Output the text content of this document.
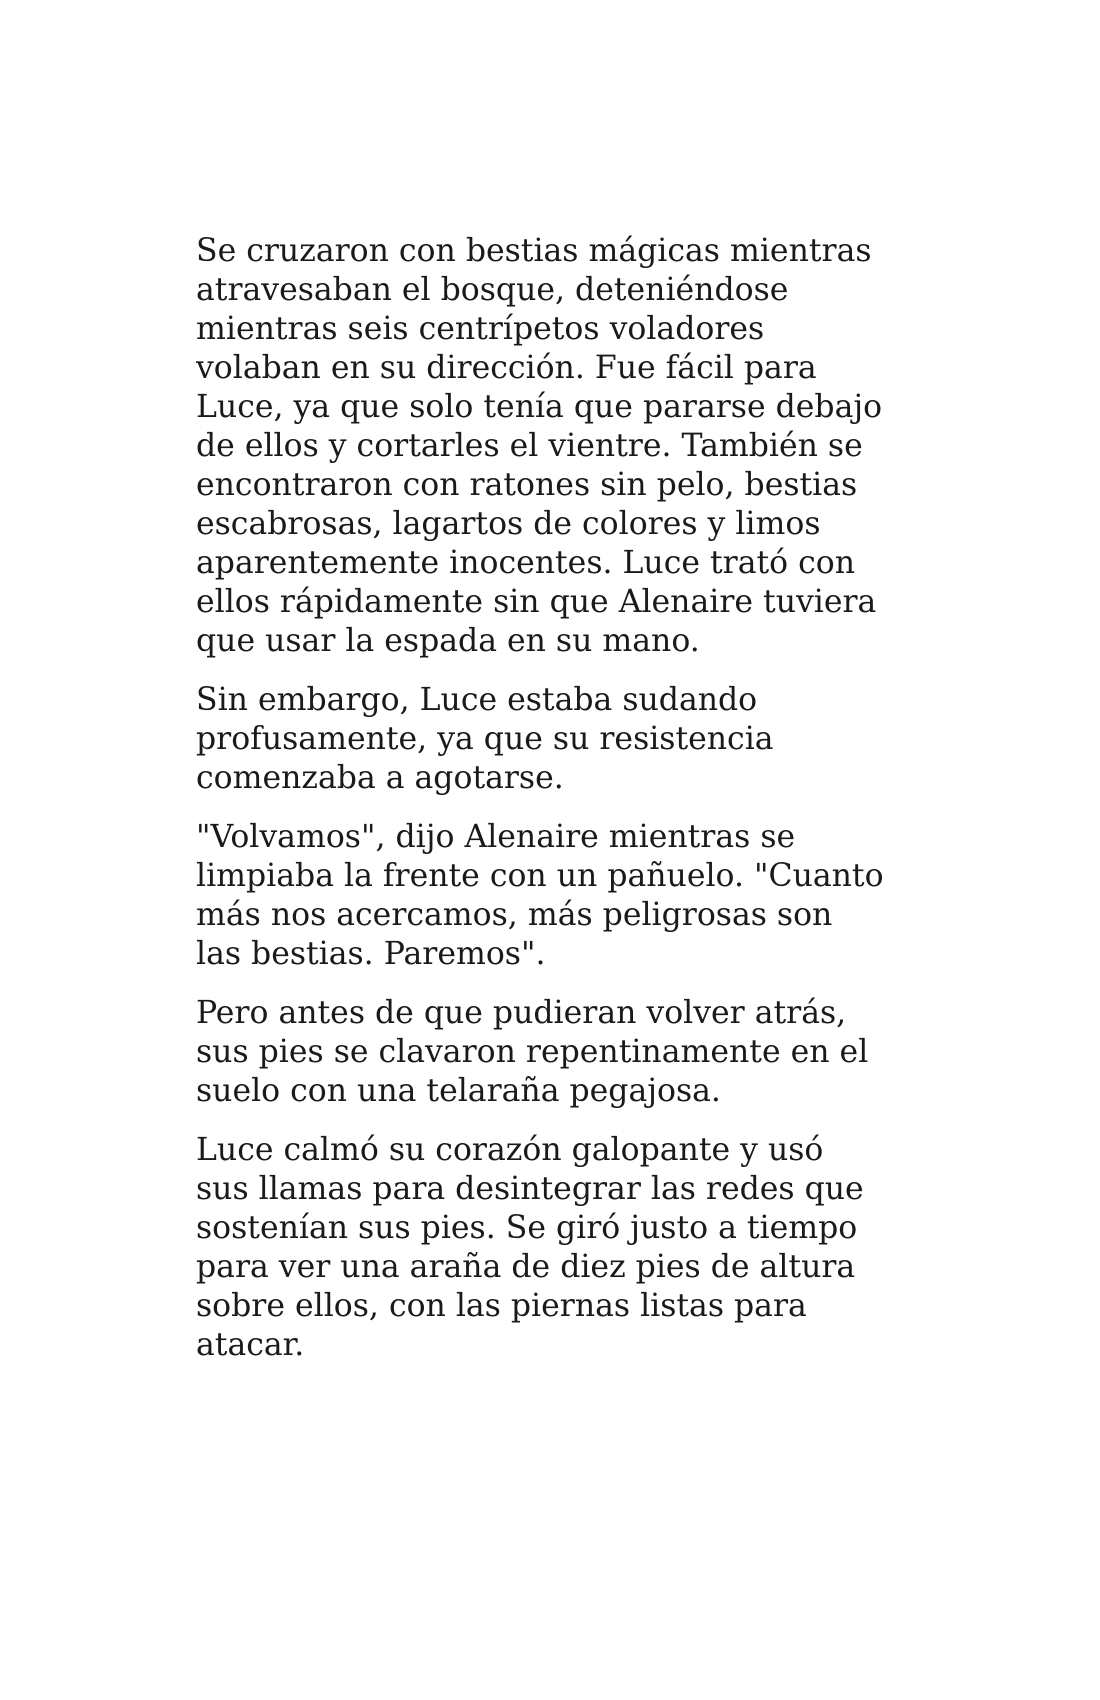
Se cruzaron con bestias mágicas mientras
atravesaban el bosque, deteniéndose
mientras seis centrípetos voladores
volaban en su dirección. Fue fácil para
Luce, ya que solo tenía que pararse debajo
de ellos y cortarles el vientre. También se
encontraron con ratones sin pelo, bestias
escabrosas, lagartos de colores y limos
aparentemente inocentes. Luce trató con
ellos rápidamente sin que Alenaire tuviera
que usar la espada en su mano.
Sin embargo, Luce estaba sudando
profusamente, ya que su resistencia
comenzaba a agotarse.
"Volvamos", dijo Alenaire mientras se
limpiaba la frente con un pañuelo. "Cuanto
más nos acercamos, más peligrosas son
las bestias. Paremos".
Pero antes de que pudieran volver atrás,
sus pies se clavaron repentinamente en el
suelo con una telaraña pegajosa.
Luce calmó su corazón galopante y usó
sus llamas para desintegrar las redes que
sostenían sus pies. Se giró justo a tiempo
para ver una araña de diez pies de altura
sobre ellos, con las piernas listas para
atacar.
